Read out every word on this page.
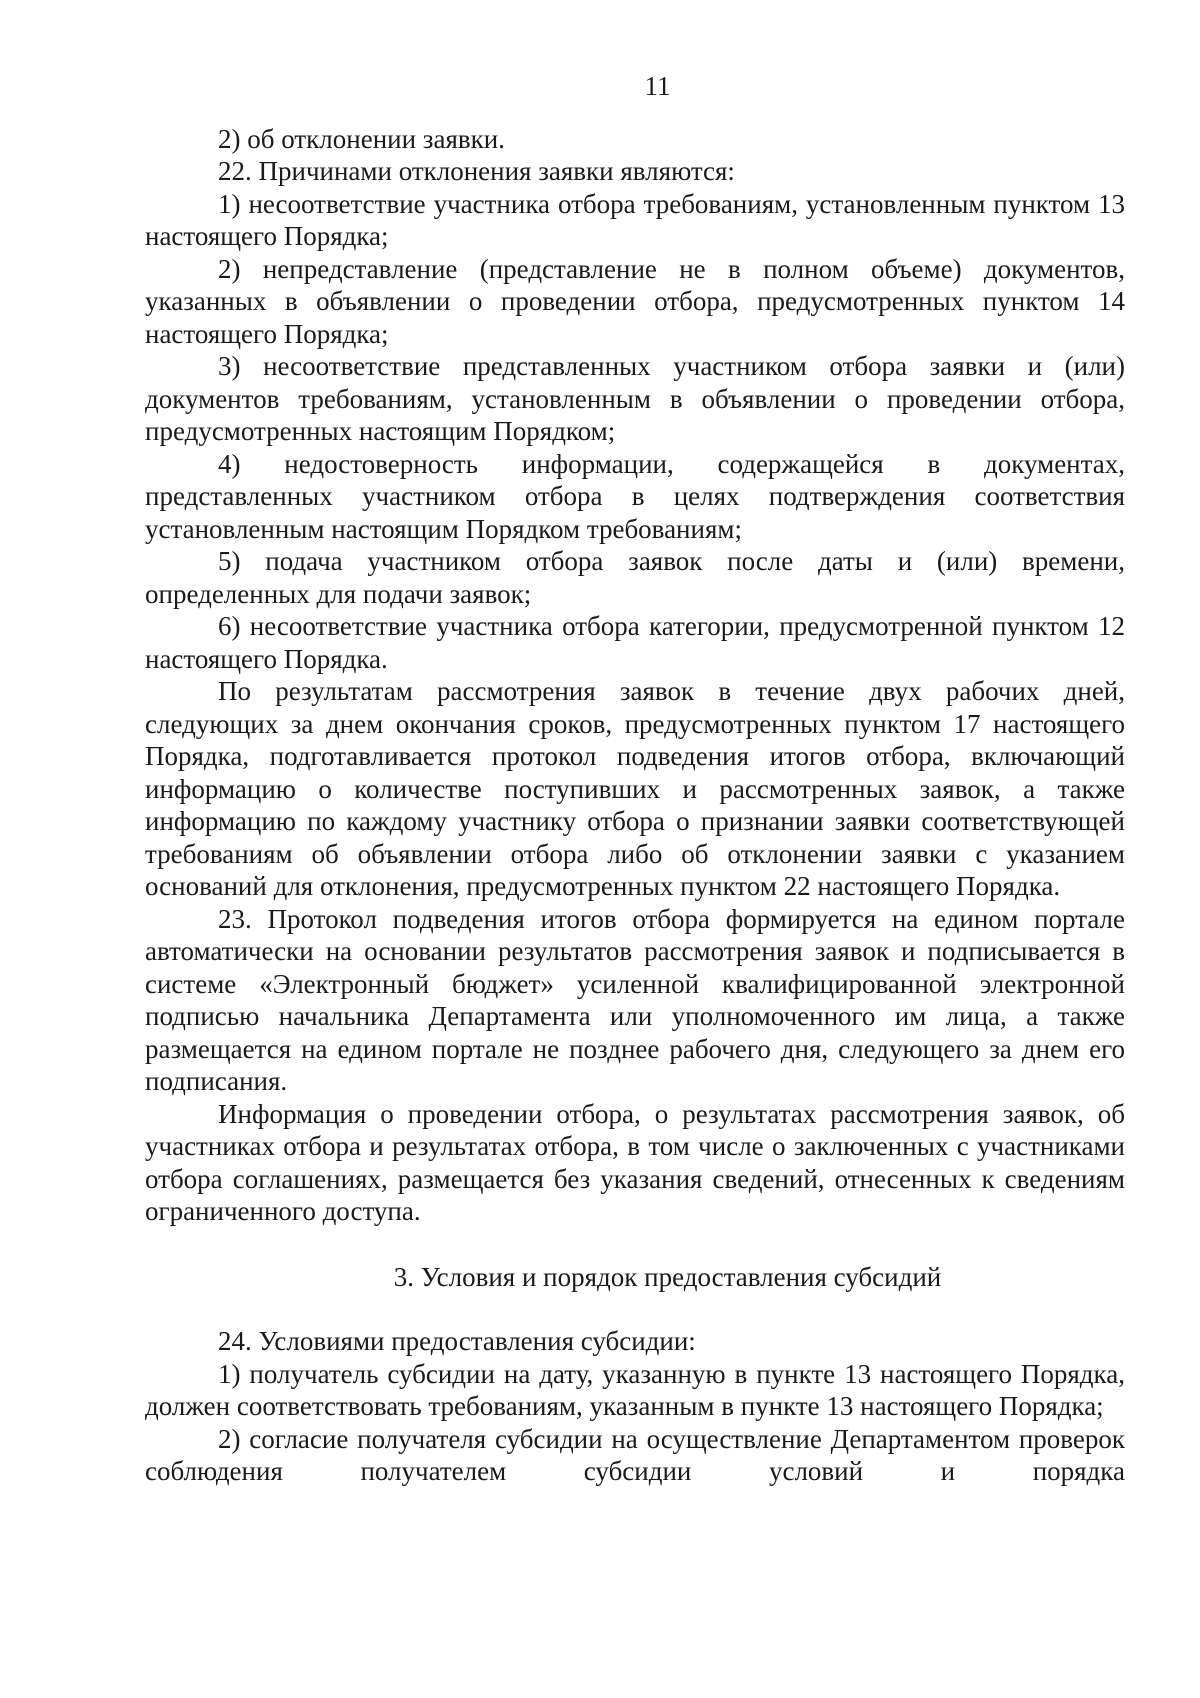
11

2) об отклонении заявки.

22. Причинами отклонения заявки являются:

1) несоответствие участника отбора требованиям, установленным пунктом 13 настоящего Порядка;

2) непредставление (представление не в полном объеме) документов, указанных в объявлении о проведении отбора, предусмотренных пунктом 14 настоящего Порядка;

3) несоответствие представленных участником отбора заявки и (или) документов требованиям, установленным в объявлении о проведении отбора, предусмотренных настоящим Порядком;

4) недостоверность информации, содержащейся в документах, представленных участником отбора в целях подтверждения соответствия установленным настоящим Порядком требованиям;

5) подача участником отбора заявок после даты и (или) времени, определенных для подачи заявок;

6) несоответствие участника отбора категории, предусмотренной пунктом 12 настоящего Порядка.

По результатам рассмотрения заявок в течение двух рабочих дней, следующих за днем окончания сроков, предусмотренных пунктом 17 настоящего Порядка, подготавливается протокол подведения итогов отбора, включающий информацию о количестве поступивших и рассмотренных заявок, а также информацию по каждому участнику отбора о признании заявки соответствующей требованиям об объявлении отбора либо об отклонении заявки с указанием оснований для отклонения, предусмотренных пунктом 22 настоящего Порядка.

23. Протокол подведения итогов отбора формируется на едином портале автоматически на основании результатов рассмотрения заявок и подписывается в системе «Электронный бюджет» усиленной квалифицированной электронной подписью начальника Департамента или уполномоченного им лица, а также размещается на едином портале не позднее рабочего дня, следующего за днем его подписания.

Информация о проведении отбора, о результатах рассмотрения заявок, об участниках отбора и результатах отбора, в том числе о заключенных с участниками отбора соглашениях, размещается без указания сведений, отнесенных к сведениям ограниченного доступа.

3. Условия и порядок предоставления субсидий

24. Условиями предоставления субсидии:

1) получатель субсидии на дату, указанную в пункте 13 настоящего Порядка, должен соответствовать требованиям, указанным в пункте 13 настоящего Порядка;

2) согласие получателя субсидии на осуществление Департаментом проверок соблюдения получателем субсидии условий и порядка
